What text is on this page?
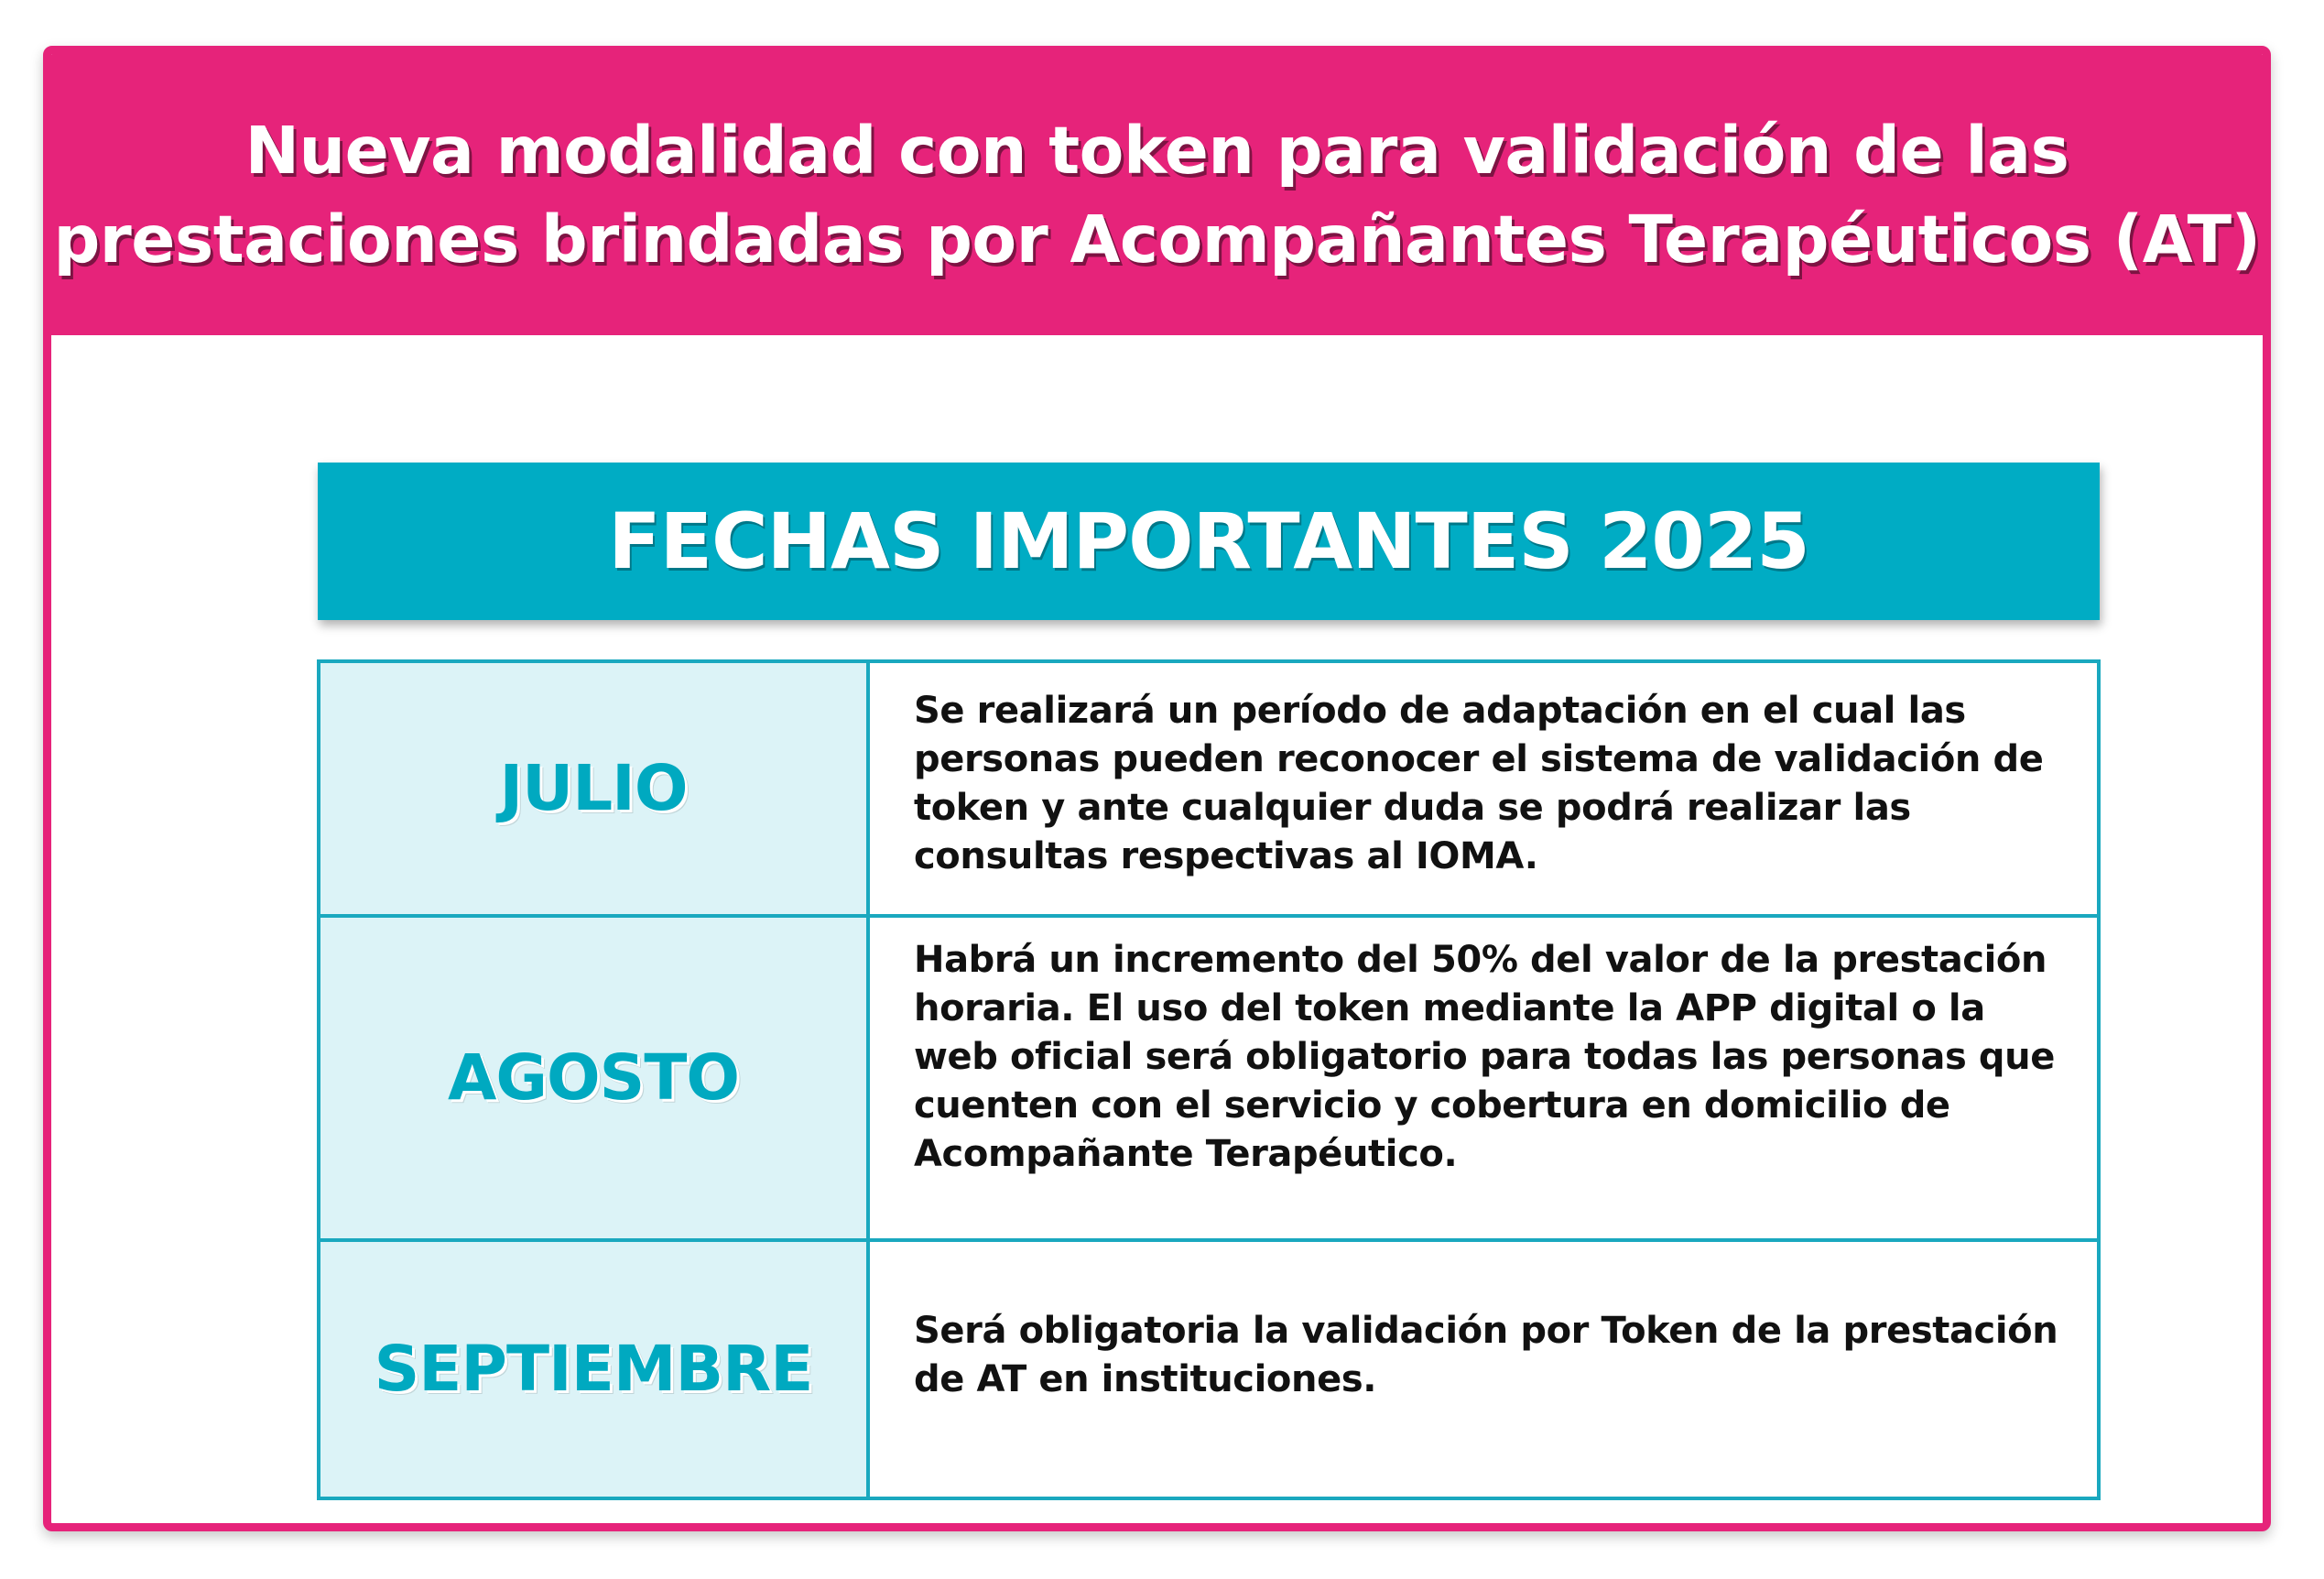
Nueva modalidad con token para validación de las
prestaciones brindadas por Acompañantes Terapéuticos (AT)
FECHAS IMPORTANTES 2025
JULIO

Se realizará un período de adaptación en el cual las personas pueden reconocer el sistema de validación de token y ante cualquier duda se podrá realizar las consultas respectivas al IOMA.

AGOSTO

Habrá un incremento del 50% del valor de la prestación horaria. El uso del token mediante la APP digital o la web oficial será obligatorio para todas las personas que cuenten con el servicio y cobertura en domicilio de Acompañante Terapéutico.

SEPTIEMBRE

Será obligatoria la validación por Token de la prestación de AT en instituciones.
